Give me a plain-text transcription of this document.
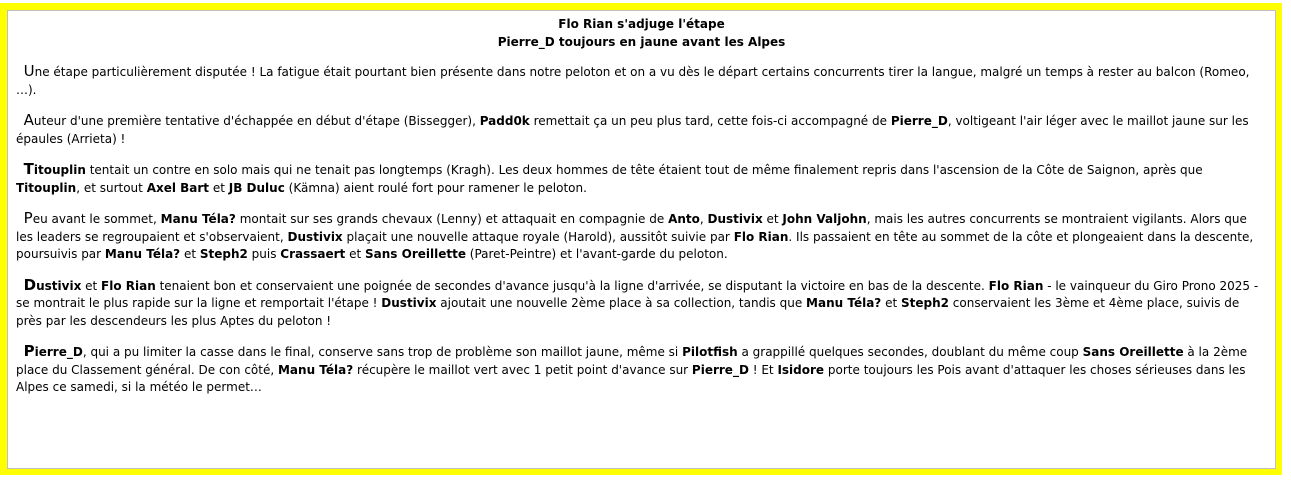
Flo Rian s'adjuge l'étape
Pierre_D toujours en jaune avant les Alpes

Une étape particulièrement disputée ! La fatigue était pourtant bien présente dans notre peloton et on a vu dès le départ certains concurrents tirer la langue, malgré un temps à rester au balcon (Romeo, …).

Auteur d'une première tentative d'échappée en début d'étape (Bissegger), Padd0k remettait ça un peu plus tard, cette fois-ci accompagné de Pierre_D, voltigeant l'air léger avec le maillot jaune sur les épaules (Arrieta) !

Titouplin tentait un contre en solo mais qui ne tenait pas longtemps (Kragh). Les deux hommes de tête étaient tout de même finalement repris dans l'ascension de la Côte de Saignon, après que Titouplin, et surtout Axel Bart et JB Duluc (Kämna) aient roulé fort pour ramener le peloton.

Peu avant le sommet, Manu Téla? montait sur ses grands chevaux (Lenny) et attaquait en compagnie de Anto, Dustivix et John Valjohn, mais les autres concurrents se montraient vigilants. Alors que les leaders se regroupaient et s'observaient, Dustivix plaçait une nouvelle attaque royale (Harold), aussitôt suivie par Flo Rian. Ils passaient en tête au sommet de la côte et plongeaient dans la descente, poursuivis par Manu Téla? et Steph2 puis Crassaert et Sans Oreillette (Paret-Peintre) et l'avant-garde du peloton.

Dustivix et Flo Rian tenaient bon et conservaient une poignée de secondes d'avance jusqu'à la ligne d'arrivée, se disputant la victoire en bas de la descente. Flo Rian - le vainqueur du Giro Prono 2025 - se montrait le plus rapide sur la ligne et remportait l'étape ! Dustivix ajoutait une nouvelle 2ème place à sa collection, tandis que Manu Téla? et Steph2 conservaient les 3ème et 4ème place, suivis de près par les descendeurs les plus Aptes du peloton !

Pierre_D, qui a pu limiter la casse dans le final, conserve sans trop de problème son maillot jaune, même si Pilotfish a grappillé quelques secondes, doublant du même coup Sans Oreillette à la 2ème place du Classement général. De con côté, Manu Téla? récupère le maillot vert avec 1 petit point d'avance sur Pierre_D ! Et Isidore porte toujours les Pois avant d'attaquer les choses sérieuses dans les Alpes ce samedi, si la météo le permet…
